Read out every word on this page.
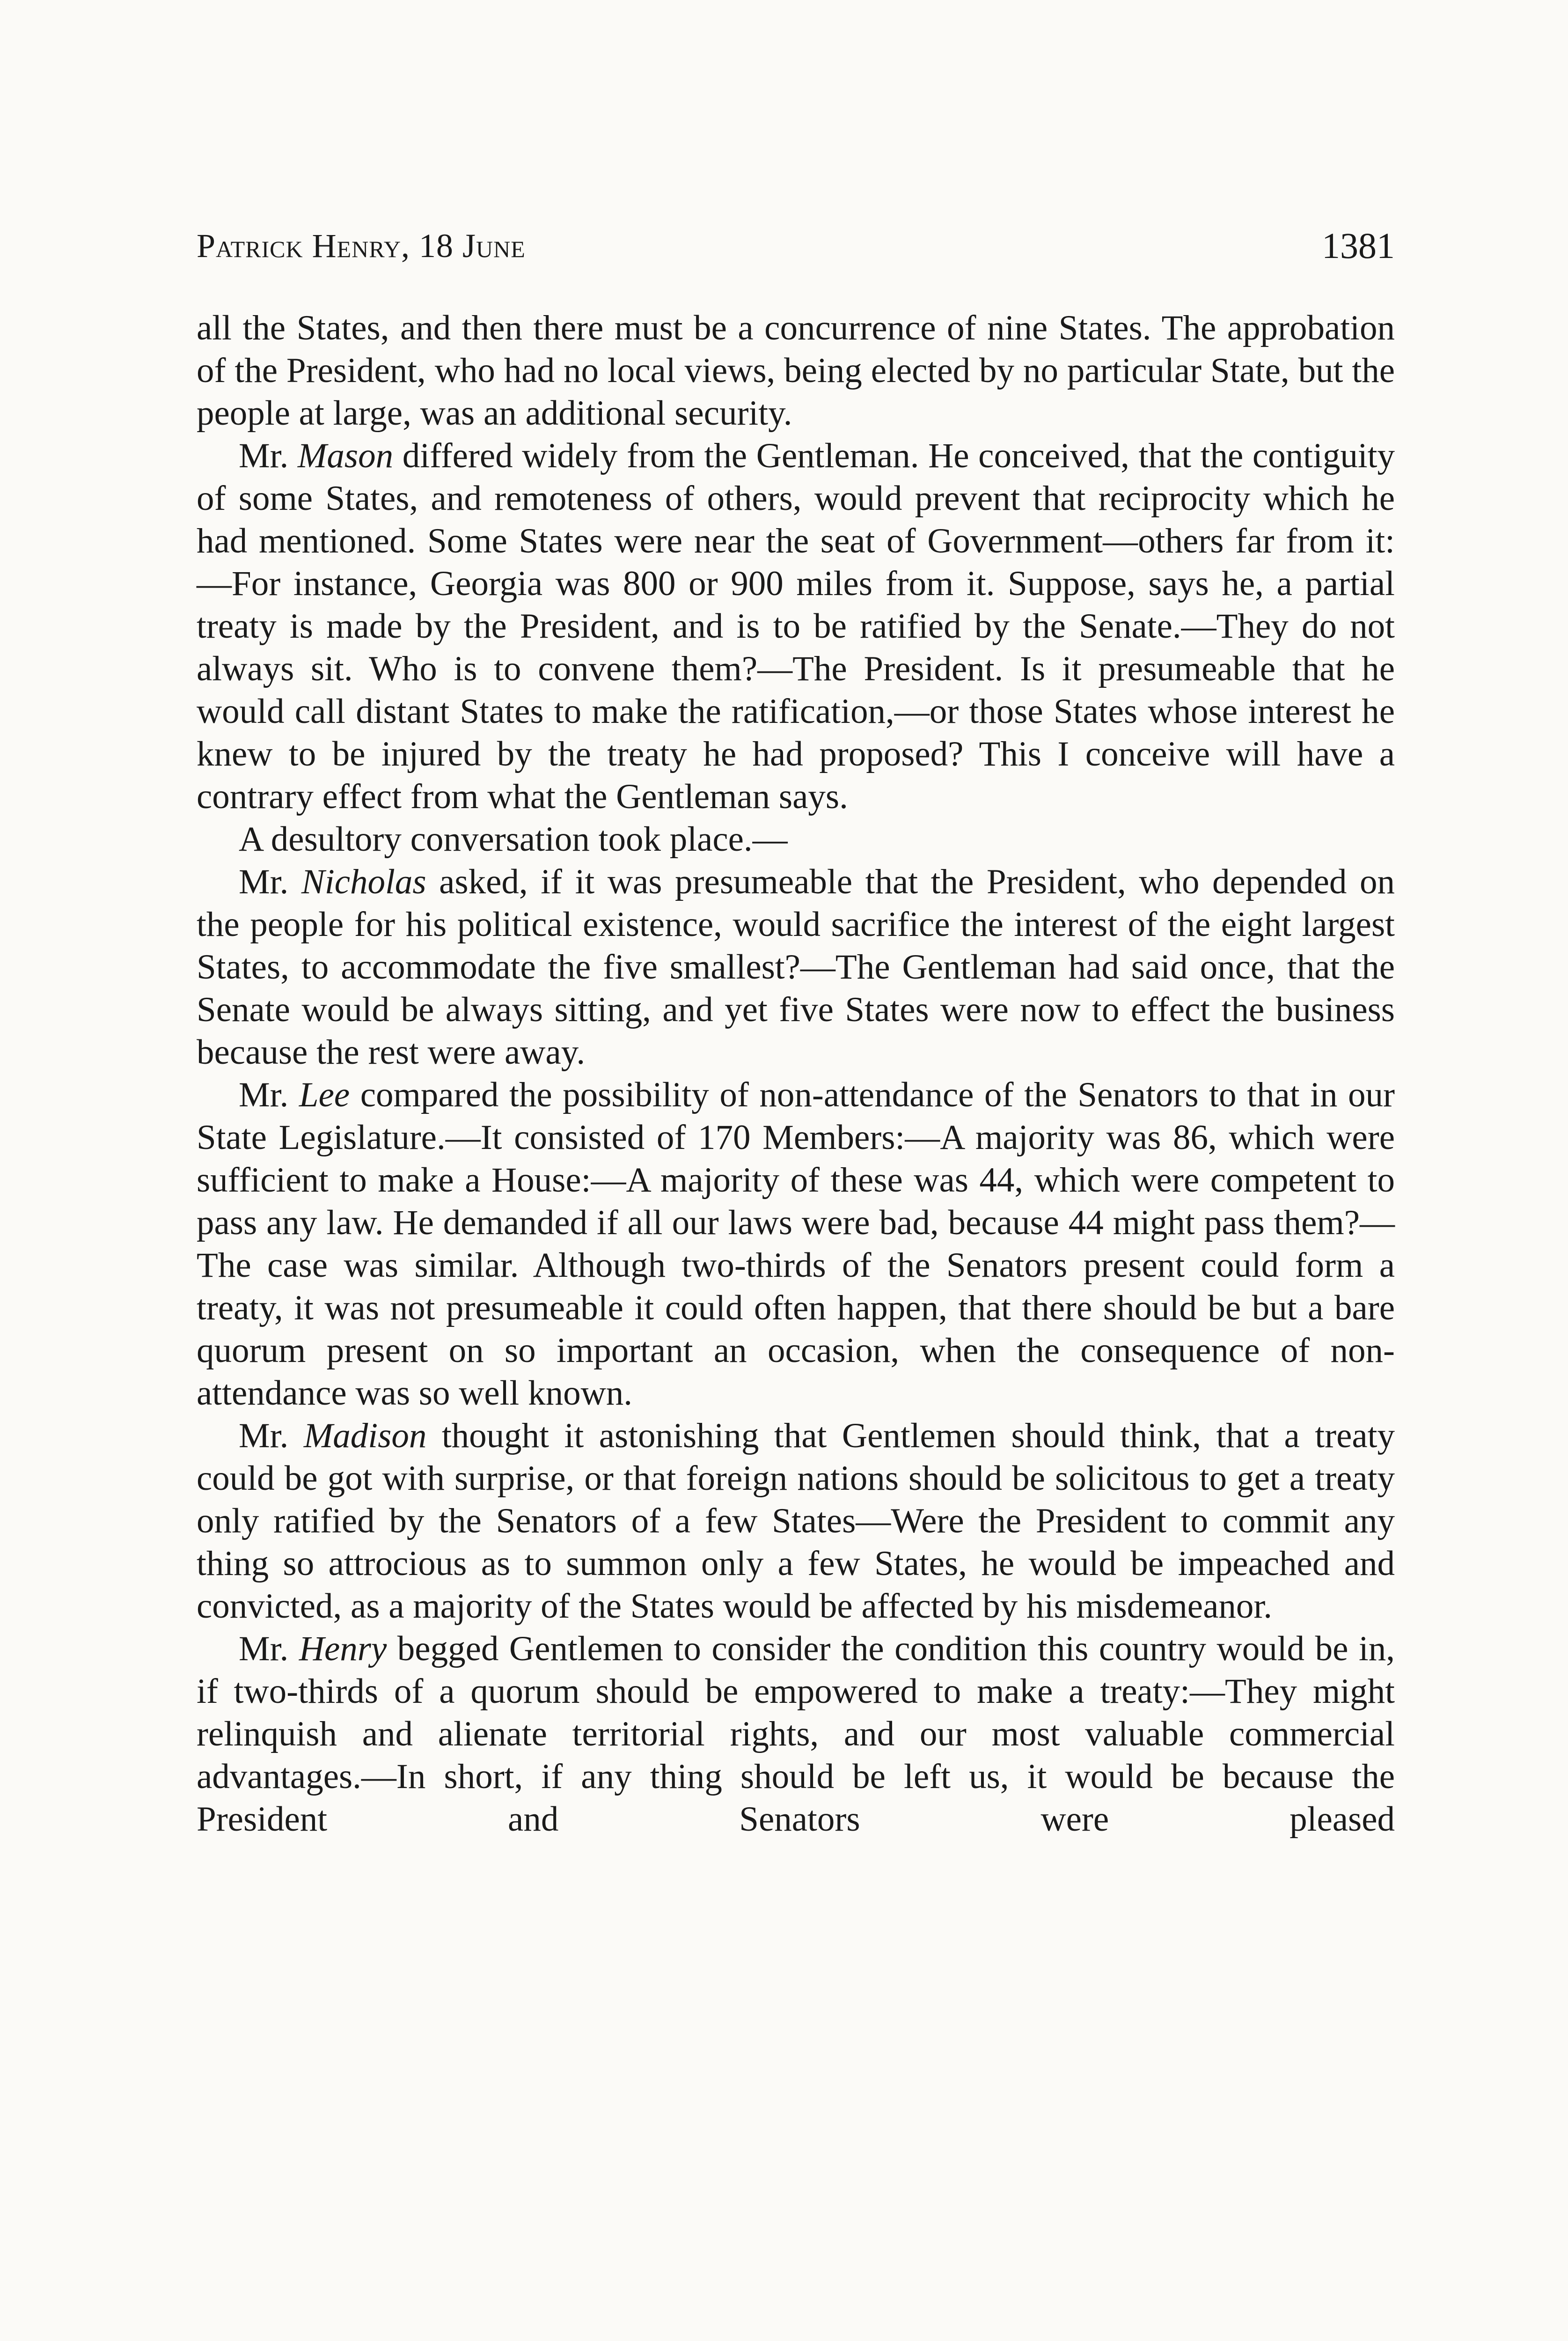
Patrick Henry, 18 June	1381

all the States, and then there must be a concurrence of nine States. The approbation of the President, who had no local views, being elected by no particular State, but the people at large, was an additional security.

Mr. Mason differed widely from the Gentleman. He conceived, that the contiguity of some States, and remoteness of others, would prevent that reciprocity which he had mentioned. Some States were near the seat of Government—others far from it:—For instance, Georgia was 800 or 900 miles from it. Suppose, says he, a partial treaty is made by the President, and is to be ratified by the Senate.—They do not always sit. Who is to convene them?—The President. Is it presumeable that he would call distant States to make the ratification,—or those States whose interest he knew to be injured by the treaty he had proposed? This I conceive will have a contrary effect from what the Gentleman says.

A desultory conversation took place.—

Mr. Nicholas asked, if it was presumeable that the President, who depended on the people for his political existence, would sacrifice the interest of the eight largest States, to accommodate the five smallest?—The Gentleman had said once, that the Senate would be always sitting, and yet five States were now to effect the business because the rest were away.

Mr. Lee compared the possibility of non-attendance of the Senators to that in our State Legislature.—It consisted of 170 Members:—A majority was 86, which were sufficient to make a House:—A majority of these was 44, which were competent to pass any law. He demanded if all our laws were bad, because 44 might pass them?—The case was similar. Although two-thirds of the Senators present could form a treaty, it was not presumeable it could often happen, that there should be but a bare quorum present on so important an occasion, when the consequence of non-attendance was so well known.

Mr. Madison thought it astonishing that Gentlemen should think, that a treaty could be got with surprise, or that foreign nations should be solicitous to get a treaty only ratified by the Senators of a few States—Were the President to commit any thing so attrocious as to summon only a few States, he would be impeached and convicted, as a majority of the States would be affected by his misdemeanor.

Mr. Henry begged Gentlemen to consider the condition this country would be in, if two-thirds of a quorum should be empowered to make a treaty:—They might relinquish and alienate territorial rights, and our most valuable commercial advantages.—In short, if any thing should be left us, it would be because the President and Senators were pleased
